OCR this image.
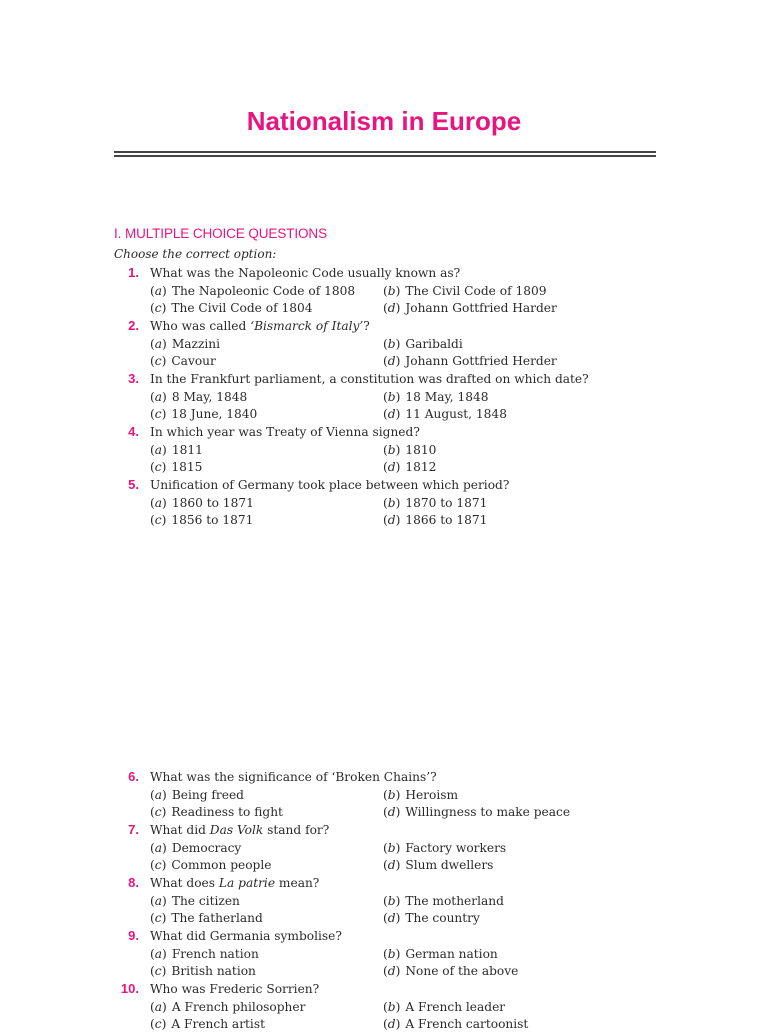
Nationalism in Europe
I. MULTIPLE CHOICE QUESTIONS
Choose the correct option:
1. What was the Napoleonic Code usually known as?
(a) The Napoleonic Code of 1808 (b) The Civil Code of 1809
(c) The Civil Code of 1804	(d) Johann Gottfried Harder
2. Who was called ‘Bismarck of Italy’?
(a) Mazzini	(b) Garibaldi
(c) Cavour	(d) Johann Gottfried Herder
3. In the Frankfurt parliament, a constitution was drafted on which date?
(a) 8 May, 1848	(b) 18 May, 1848
(c) 18 June, 1840	(d) 11 August, 1848
4. In which year was Treaty of Vienna signed?
(a) 1811	(b) 1810
(c) 1815	(d) 1812
5. Unification of Germany took place between which period?
(a) 1860 to 1871	(b) 1870 to 1871
(c) 1856 to 1871	(d) 1866 to 1871
6. What was the significance of ‘Broken Chains’?
(a) Being freed	(b) Heroism
(c) Readiness to fight	(d) Willingness to make peace
7. What did Das Volk stand for?
(a) Democracy	(b) Factory workers
(c) Common people	(d) Slum dwellers
8. What does La patrie mean?
(a) The citizen	(b) The motherland
(c) The fatherland	(d) The country
9. What did Germania symbolise?
(a) French nation	(b) German nation
(c) British nation	(d) None of the above
10. Who was Frederic Sorrien?
(a) A French philosopher	(b) A French leader
(c) A French artist	(d) A French cartoonist
